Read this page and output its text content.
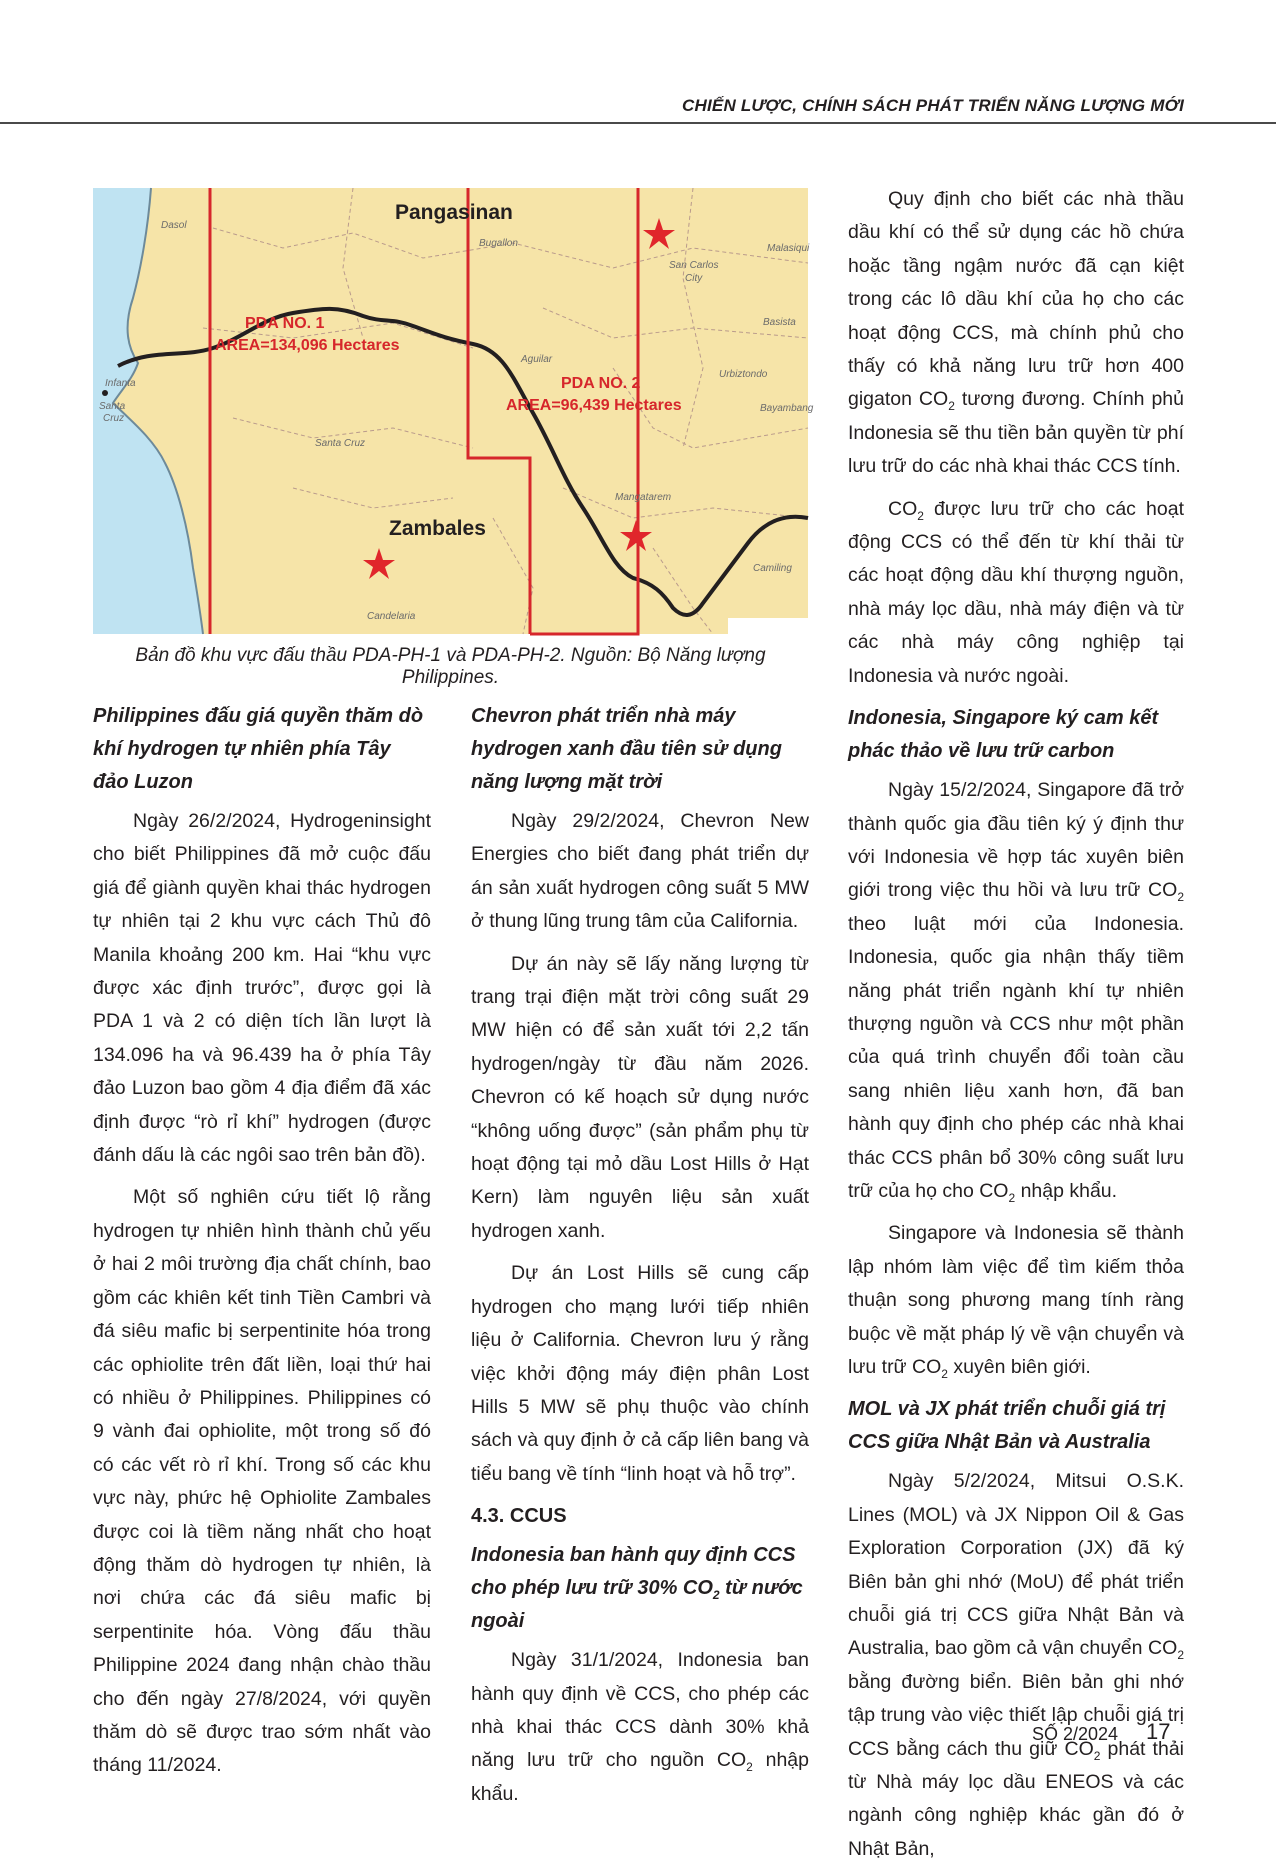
CHIẾN LƯỢC, CHÍNH SÁCH PHÁT TRIỂN NĂNG LƯỢNG MỚI
Pangasinan
Zambales
PDA NO. 1
AREA=134,096 Hectares
PDA NO. 2
AREA=96,439 Hectares
Dasol
Bugallon
San Carlos
City
Malasiqui
Basista
Aguilar
Urbiztondo
Bayambang
Infanta
Santa
Cruz
Santa Cruz
Mangatarem
Camiling
Candelaria
Bản đồ khu vực đấu thầu PDA-PH-1 và PDA-PH-2. Nguồn: Bộ Năng lượng Philippines.
Philippines đấu giá quyền thăm dò khí hydrogen tự nhiên phía Tây đảo Luzon

Ngày 26/2/2024, Hydrogeninsight cho biết Philippines đã mở cuộc đấu giá để giành quyền khai thác hydrogen tự nhiên tại 2 khu vực cách Thủ đô Manila khoảng 200 km. Hai “khu vực được xác định trước”, được gọi là PDA 1 và 2 có diện tích lần lượt là 134.096 ha và 96.439 ha ở phía Tây đảo Luzon bao gồm 4 địa điểm đã xác định được “rò rỉ khí” hydrogen (được đánh dấu là các ngôi sao trên bản đồ).

Một số nghiên cứu tiết lộ rằng hydrogen tự nhiên hình thành chủ yếu ở hai 2 môi trường địa chất chính, bao gồm các khiên kết tinh Tiền Cambri và đá siêu mafic bị serpentinite hóa trong các ophiolite trên đất liền, loại thứ hai có nhiều ở Philippines. Philippines có 9 vành đai ophiolite, một trong số đó có các vết rò rỉ khí. Trong số các khu vực này, phức hệ Ophiolite Zambales được coi là tiềm năng nhất cho hoạt động thăm dò hydrogen tự nhiên, là nơi chứa các đá siêu mafic bị serpentinite hóa. Vòng đấu thầu Philippine 2024 đang nhận chào thầu cho đến ngày 27/8/2024, với quyền thăm dò sẽ được trao sớm nhất vào tháng 11/2024.

Chevron phát triển nhà máy hydrogen xanh đầu tiên sử dụng năng lượng mặt trời

Ngày 29/2/2024, Chevron New Energies cho biết đang phát triển dự án sản xuất hydrogen công suất 5 MW ở thung lũng trung tâm của California.

Dự án này sẽ lấy năng lượng từ trang trại điện mặt trời công suất 29 MW hiện có để sản xuất tới 2,2 tấn hydrogen/ngày từ đầu năm 2026. Chevron có kế hoạch sử dụng nước “không uống được” (sản phẩm phụ từ hoạt động tại mỏ dầu Lost Hills ở Hạt Kern) làm nguyên liệu sản xuất hydrogen xanh.

Dự án Lost Hills sẽ cung cấp hydrogen cho mạng lưới tiếp nhiên liệu ở California. Chevron lưu ý rằng việc khởi động máy điện phân Lost Hills 5 MW sẽ phụ thuộc vào chính sách và quy định ở cả cấp liên bang và tiểu bang về tính “linh hoạt và hỗ trợ”.

4.3. CCUS
Indonesia ban hành quy định CCS cho phép lưu trữ 30% $CO_2$ từ nước ngoài

Ngày 31/1/2024, Indonesia ban hành quy định về CCS, cho phép các nhà khai thác CCS dành 30% khả năng lưu trữ cho nguồn $CO_2$ nhập khẩu.

Quy định cho biết các nhà thầu dầu khí có thể sử dụng các hồ chứa hoặc tầng ngậm nước đã cạn kiệt trong các lô dầu khí của họ cho các hoạt động CCS, mà chính phủ cho thấy có khả năng lưu trữ hơn 400 gigaton $CO_2$ tương đương. Chính phủ Indonesia sẽ thu tiền bản quyền từ phí lưu trữ do các nhà khai thác CCS tính.

$CO_2$ được lưu trữ cho các hoạt động CCS có thể đến từ khí thải từ các hoạt động dầu khí thượng nguồn, nhà máy lọc dầu, nhà máy điện và từ các nhà máy công nghiệp tại Indonesia và nước ngoài.

Indonesia, Singapore ký cam kết phác thảo về lưu trữ carbon

Ngày 15/2/2024, Singapore đã trở thành quốc gia đầu tiên ký ý định thư với Indonesia về hợp tác xuyên biên giới trong việc thu hồi và lưu trữ $CO_2$ theo luật mới của Indonesia. Indonesia, quốc gia nhận thấy tiềm năng phát triển ngành khí tự nhiên thượng nguồn và CCS như một phần của quá trình chuyển đổi toàn cầu sang nhiên liệu xanh hơn, đã ban hành quy định cho phép các nhà khai thác CCS phân bổ 30% công suất lưu trữ của họ cho $CO_2$ nhập khẩu.

Singapore và Indonesia sẽ thành lập nhóm làm việc để tìm kiếm thỏa thuận song phương mang tính ràng buộc về mặt pháp lý về vận chuyển và lưu trữ $CO_2$ xuyên biên giới.

MOL và JX phát triển chuỗi giá trị CCS giữa Nhật Bản và Australia

Ngày 5/2/2024, Mitsui O.S.K. Lines (MOL) và JX Nippon Oil & Gas Exploration Corporation (JX) đã ký Biên bản ghi nhớ (MoU) để phát triển chuỗi giá trị CCS giữa Nhật Bản và Australia, bao gồm cả vận chuyển $CO_2$ bằng đường biển. Biên bản ghi nhớ tập trung vào việc thiết lập chuỗi giá trị CCS bằng cách thu giữ $CO_2$ phát thải từ Nhà máy lọc dầu ENEOS và các ngành công nghiệp khác gần đó ở Nhật Bản,

SỐ 2/2024 17
